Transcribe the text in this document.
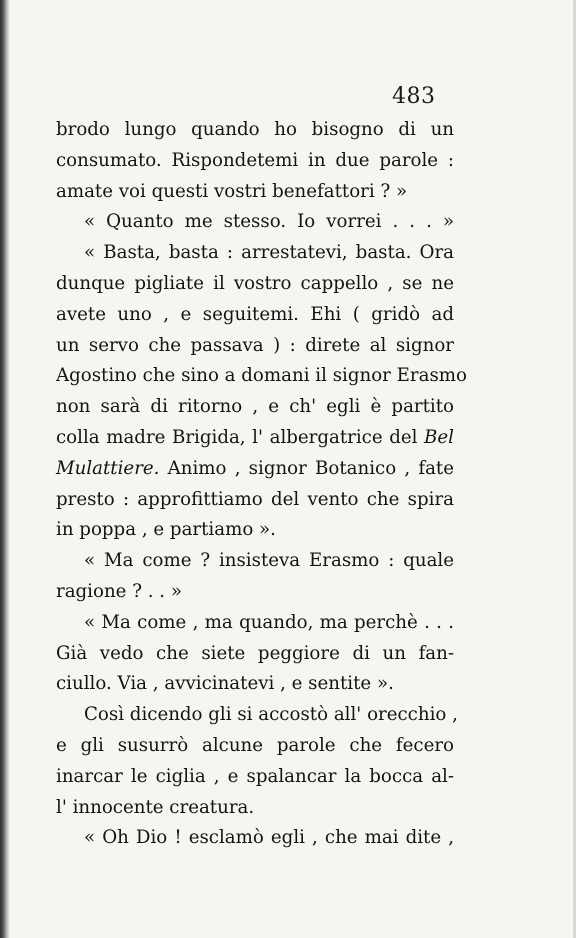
483
brodo lungo quando ho bisogno di un
consumato. Rispondetemi in due parole :
amate voi questi vostri benefattori ? »
« Quanto me stesso. Io vorrei . . . »
« Basta, basta : arrestatevi, basta. Ora
dunque pigliate il vostro cappello , se ne
avete uno , e seguitemi. Ehi ( gridò ad
un servo che passava ) : direte al signor
Agostino che sino a domani il signor Erasmo
non sarà di ritorno , e ch' egli è partito
colla madre Brigida, l' albergatrice del Bel
Mulattiere. Animo , signor Botanico , fate
presto : approfittiamo del vento che spira
in poppa , e partiamo ».
« Ma come ? insisteva Erasmo : quale
ragione ? . . »
« Ma come , ma quando, ma perchè . . .
Già vedo che siete peggiore di un fan-
ciullo. Via , avvicinatevi , e sentite ».
Così dicendo gli si accostò all' orecchio ,
e gli susurrò alcune parole che fecero
inarcar le ciglia , e spalancar la bocca al-
l' innocente creatura.
« Oh Dio ! esclamò egli , che mai dite ,
